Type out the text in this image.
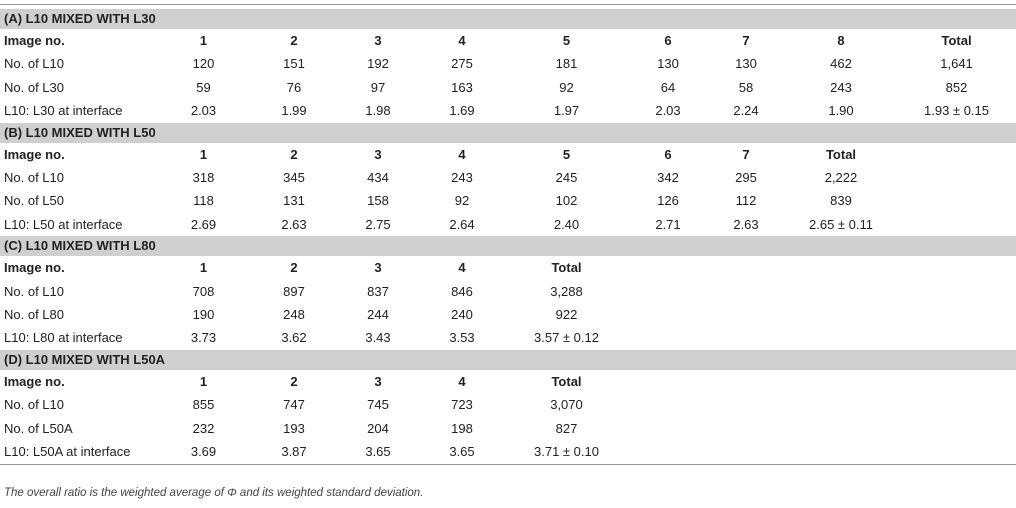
(A) L10 MIXED WITH L30									
Image no.	1	2	3	4	5	6	7	8	Total
No. of L10	120	151	192	275	181	130	130	462	1,641
No. of L30	59	76	97	163	92	64	58	243	852
L10: L30 at interface	2.03	1.99	1.98	1.69	1.97	2.03	2.24	1.90	1.93 ± 0.15
(B) L10 MIXED WITH L50									
Image no.	1	2	3	4	5	6	7	Total	
No. of L10	318	345	434	243	245	342	295	2,222	
No. of L50	118	131	158	92	102	126	112	839	
L10: L50 at interface	2.69	2.63	2.75	2.64	2.40	2.71	2.63	2.65 ± 0.11	
(C) L10 MIXED WITH L80									
Image no.	1	2	3	4	Total				
No. of L10	708	897	837	846	3,288				
No. of L80	190	248	244	240	922				
L10: L80 at interface	3.73	3.62	3.43	3.53	3.57 ± 0.12				
(D) L10 MIXED WITH L50A									
Image no.	1	2	3	4	Total				
No. of L10	855	747	745	723	3,070				
No. of L50A	232	193	204	198	827				
L10: L50A at interface	3.69	3.87	3.65	3.65	3.71 ± 0.10				
The overall ratio is the weighted average of Φ and its weighted standard deviation.
